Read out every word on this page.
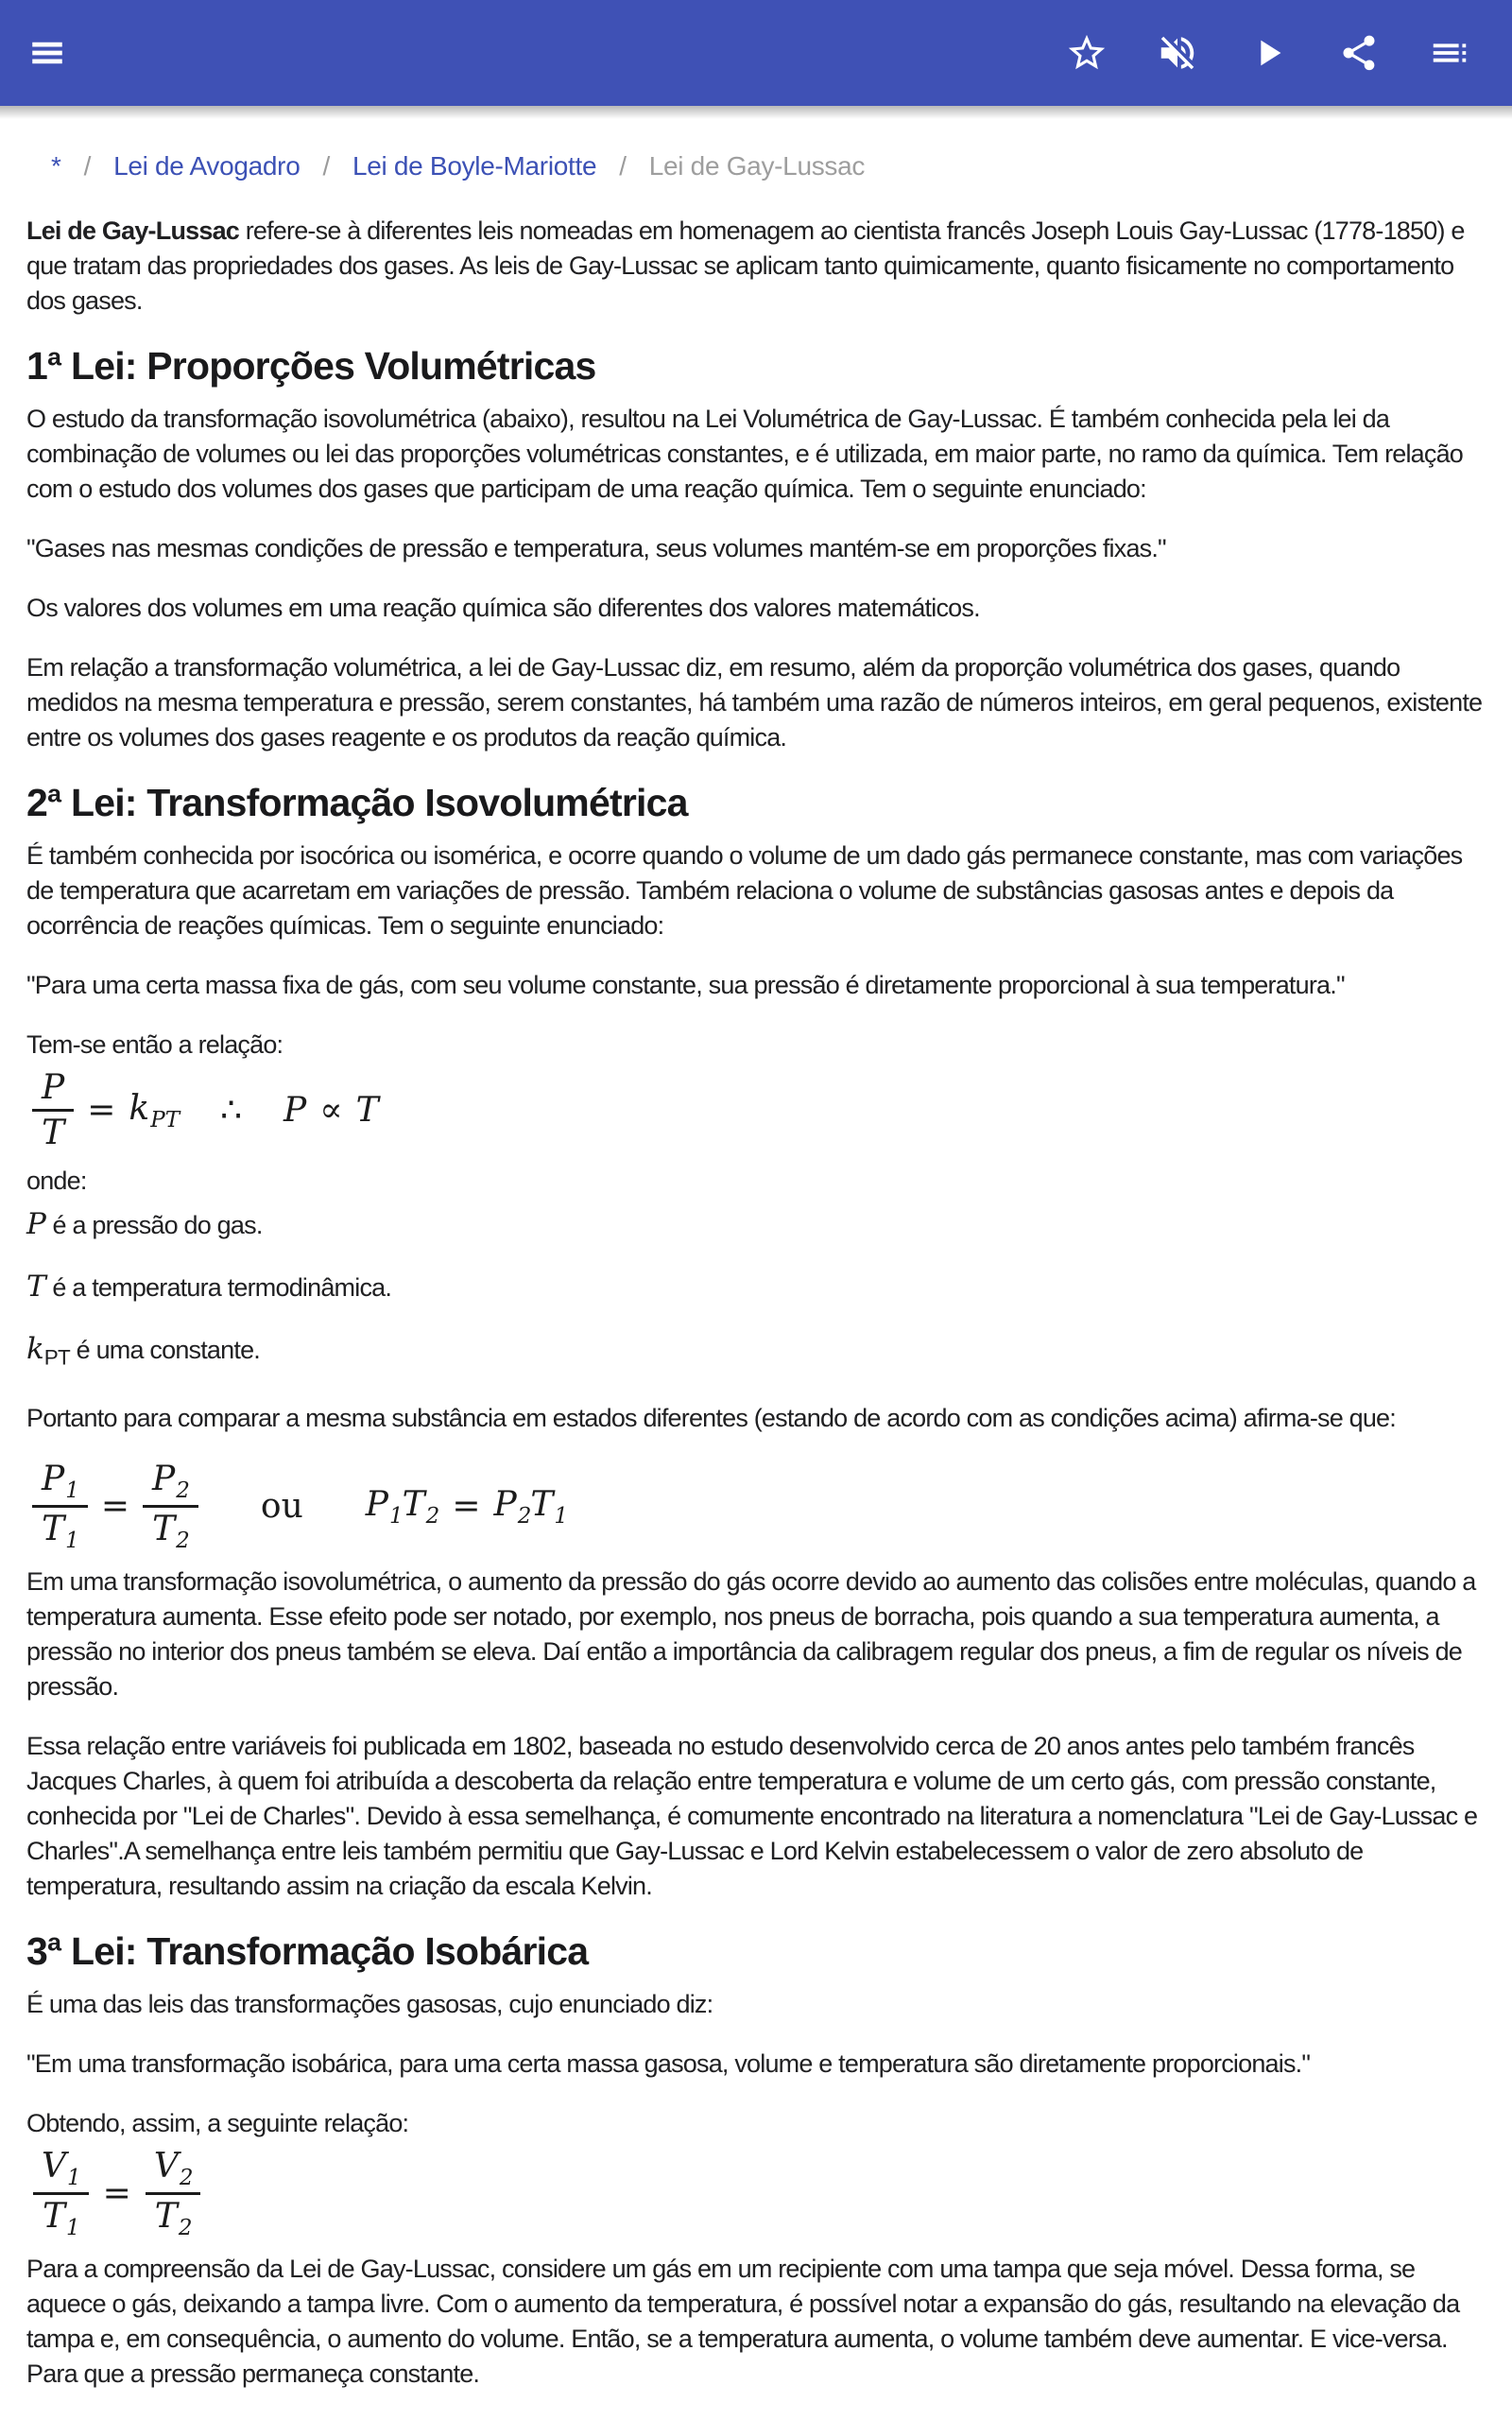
* / Lei de Avogadro / Lei de Boyle-Mariotte / Lei de Gay-Lussac

Lei de Gay-Lussac refere-se à diferentes leis nomeadas em homenagem ao cientista francês Joseph Louis Gay-Lussac (1778-1850) e que tratam das propriedades dos gases. As leis de Gay-Lussac se aplicam tanto quimicamente, quanto fisicamente no comportamento dos gases.

1ª Lei: Proporções Volumétricas

O estudo da transformação isovolumétrica (abaixo), resultou na Lei Volumétrica de Gay-Lussac. É também conhecida pela lei da combinação de volumes ou lei das proporções volumétricas constantes, e é utilizada, em maior parte, no ramo da química. Tem relação com o estudo dos volumes dos gases que participam de uma reação química. Tem o seguinte enunciado:

"Gases nas mesmas condições de pressão e temperatura, seus volumes mantém-se em proporções fixas."

Os valores dos volumes em uma reação química são diferentes dos valores matemáticos.

Em relação a transformação volumétrica, a lei de Gay-Lussac diz, em resumo, além da proporção volumétrica dos gases, quando medidos na mesma temperatura e pressão, serem constantes, há também uma razão de números inteiros, em geral pequenos, existente entre os volumes dos gases reagente e os produtos da reação química.

2ª Lei: Transformação Isovolumétrica

É também conhecida por isocórica ou isomérica, e ocorre quando o volume de um dado gás permanece constante, mas com variações de temperatura que acarretam em variações de pressão. Também relaciona o volume de substâncias gasosas antes e depois da ocorrência de reações químicas. Tem o seguinte enunciado:

"Para uma certa massa fixa de gás, com seu volume constante, sua pressão é diretamente proporcional à sua temperatura."

Tem-se então a relação:

$\frac{P}{T} = k_{PT}$ ∴ P ∝ T

onde:

P é a pressão do gas.

T é a temperatura termodinâmica.

$k_{PT}$ é uma constante.

Portanto para comparar a mesma substância em estados diferentes (estando de acordo com as condições acima) afirma-se que:

$\frac{P_1}{T_1} = \frac{P_2}{T_2}$ ou $P_1$ $T_2 = P_2$ $T_1$

Em uma transformação isovolumétrica, o aumento da pressão do gás ocorre devido ao aumento das colisões entre moléculas, quando a temperatura aumenta. Esse efeito pode ser notado, por exemplo, nos pneus de borracha, pois quando a sua temperatura aumenta, a pressão no interior dos pneus também se eleva. Daí então a importância da calibragem regular dos pneus, a fim de regular os níveis de pressão.

Essa relação entre variáveis foi publicada em 1802, baseada no estudo desenvolvido cerca de 20 anos antes pelo também francês Jacques Charles, à quem foi atribuída a descoberta da relação entre temperatura e volume de um certo gás, com pressão constante, conhecida por "Lei de Charles". Devido à essa semelhança, é comumente encontrado na literatura a nomenclatura "Lei de Gay-Lussac e Charles".A semelhança entre leis também permitiu que Gay-Lussac e Lord Kelvin estabelecessem o valor de zero absoluto de temperatura, resultando assim na criação da escala Kelvin.

3ª Lei: Transformação Isobárica

É uma das leis das transformações gasosas, cujo enunciado diz:

"Em uma transformação isobárica, para uma certa massa gasosa, volume e temperatura são diretamente proporcionais."

Obtendo, assim, a seguinte relação:

$\frac{V_1}{T_1} = \frac{V_2}{T_2}$

Para a compreensão da Lei de Gay-Lussac, considere um gás em um recipiente com uma tampa que seja móvel. Dessa forma, se aquece o gás, deixando a tampa livre. Com o aumento da temperatura, é possível notar a expansão do gás, resultando na elevação da tampa e, em consequência, o aumento do volume. Então, se a temperatura aumenta, o volume também deve aumentar. E vice-versa. Para que a pressão permaneça constante.
